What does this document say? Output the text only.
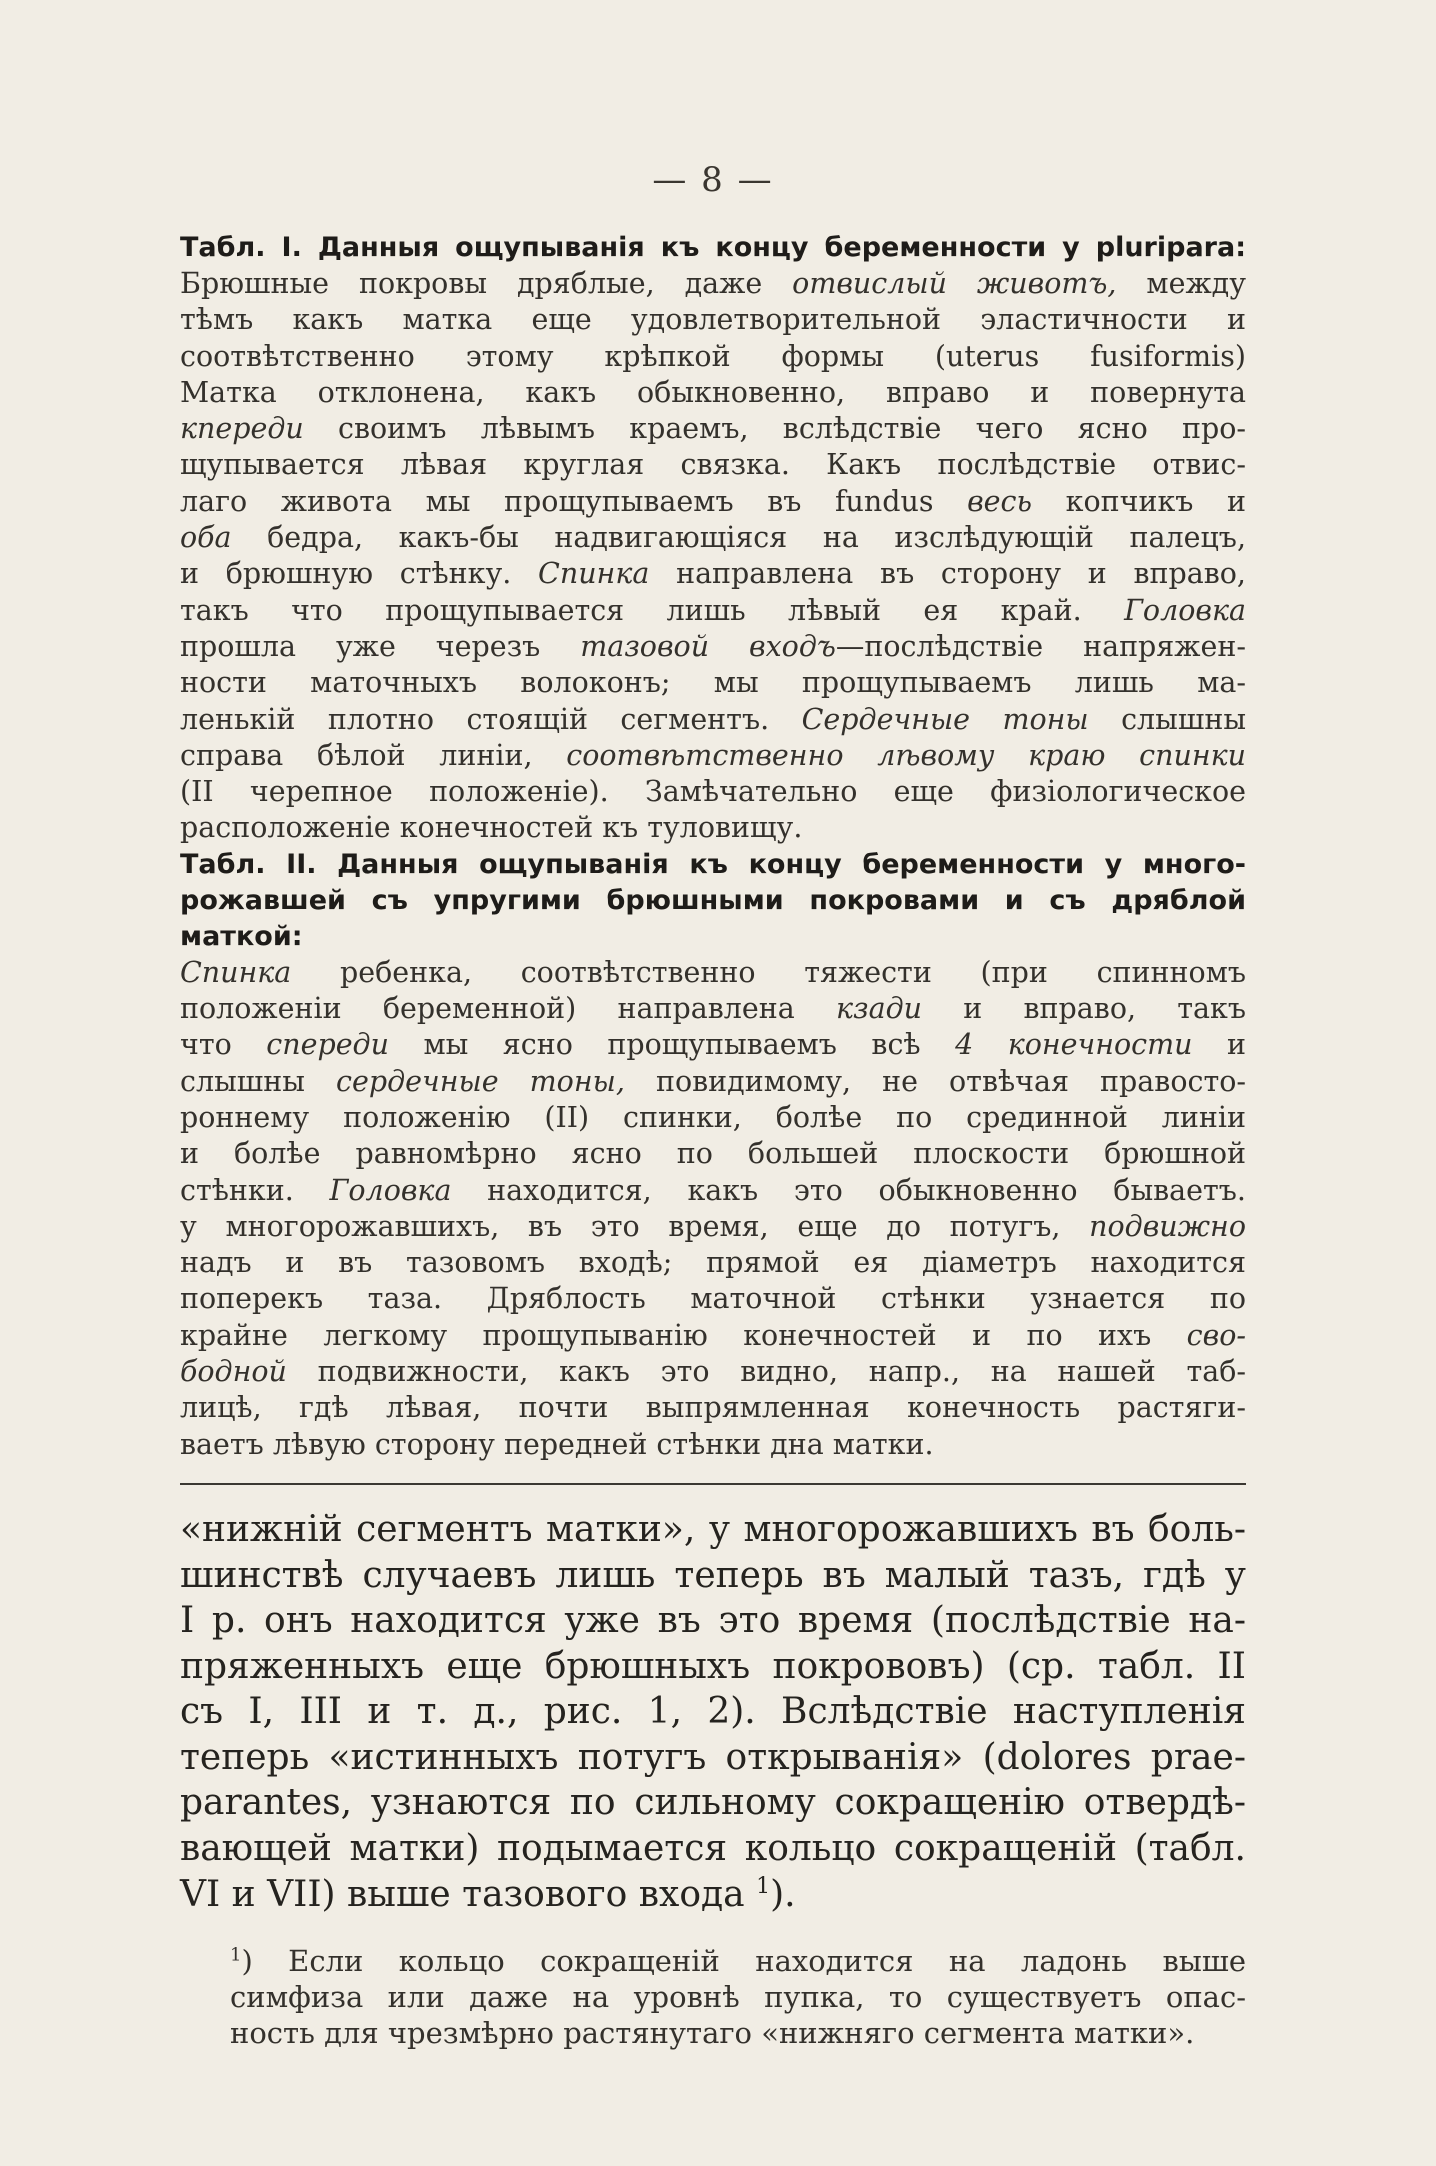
— 8 —
Табл. I. Данныя ощупыванія къ концу беременности у pluripara:
Брюшные покровы дряблые, даже отвислый животъ, между
тѣмъ какъ матка еще удовлетворительной эластичности и
соотвѣтственно этому крѣпкой формы (uterus fusiformis)
Матка отклонена, какъ обыкновенно, вправо и повернута
кпереди своимъ лѣвымъ краемъ, вслѣдствіе чего ясно про-
щупывается лѣвая круглая связка. Какъ послѣдствіе отвис-
лаго живота мы прощупываемъ въ fundus весь копчикъ и
оба бедра, какъ-бы надвигающіяся на изслѣдующій палецъ,
и брюшную стѣнку. Спинка направлена въ сторону и вправо,
такъ что прощупывается лишь лѣвый ея край. Головка
прошла уже черезъ тазовой входъ—послѣдствіе напряжен-
ности маточныхъ волоконъ; мы прощупываемъ лишь ма-
ленькій плотно стоящій сегментъ. Сердечные тоны слышны
справа бѣлой линіи, соотвѣтственно лѣвому краю спинки
(II черепное положеніе). Замѣчательно еще физіологическое
расположеніе конечностей къ туловищу.
Табл. II. Данныя ощупыванія къ концу беременности у много-
рожавшей съ упругими брюшными покровами и съ дряблой маткой:
Спинка ребенка, соотвѣтственно тяжести (при спинномъ
положеніи беременной) направлена кзади и вправо, такъ
что спереди мы ясно прощупываемъ всѣ 4 конечности и
слышны сердечные тоны, повидимому, не отвѣчая правосто-
роннему положенію (II) спинки, болѣе по срединной линіи
и болѣе равномѣрно ясно по большей плоскости брюшной
стѣнки. Головка находится, какъ это обыкновенно бываетъ.
у многорожавшихъ, въ это время, еще до потугъ, подвижно
надъ и въ тазовомъ входѣ; прямой ея діаметръ находится
поперекъ таза. Дряблость маточной стѣнки узнается по
крайне легкому прощупыванію конечностей и по ихъ сво-
бодной подвижности, какъ это видно, напр., на нашей таб-
лицѣ, гдѣ лѣвая, почти выпрямленная конечность растяги-
ваетъ лѣвую сторону передней стѣнки дна матки.
«нижній сегментъ матки», у многорожавшихъ въ боль-
шинствѣ случаевъ лишь теперь въ малый тазъ, гдѣ у
I р. онъ находится уже въ это время (послѣдствіе на-
пряженныхъ еще брюшныхъ покрововъ) (ср. табл. II
съ I, III и т. д., рис. 1, 2). Вслѣдствіе наступленія
теперь «истинныхъ потугъ открыванія» (dolores prae-
parantes, узнаются по сильному сокращенію отвердѣ-
вающей матки) подымается кольцо сокращеній (табл.
VI и VII) выше тазового входа $^1$).
$^1$) Если кольцо сокращеній находится на ладонь выше
симфиза или даже на уровнѣ пупка, то существуетъ опас-
ность для чрезмѣрно растянутаго «нижняго сегмента матки».
